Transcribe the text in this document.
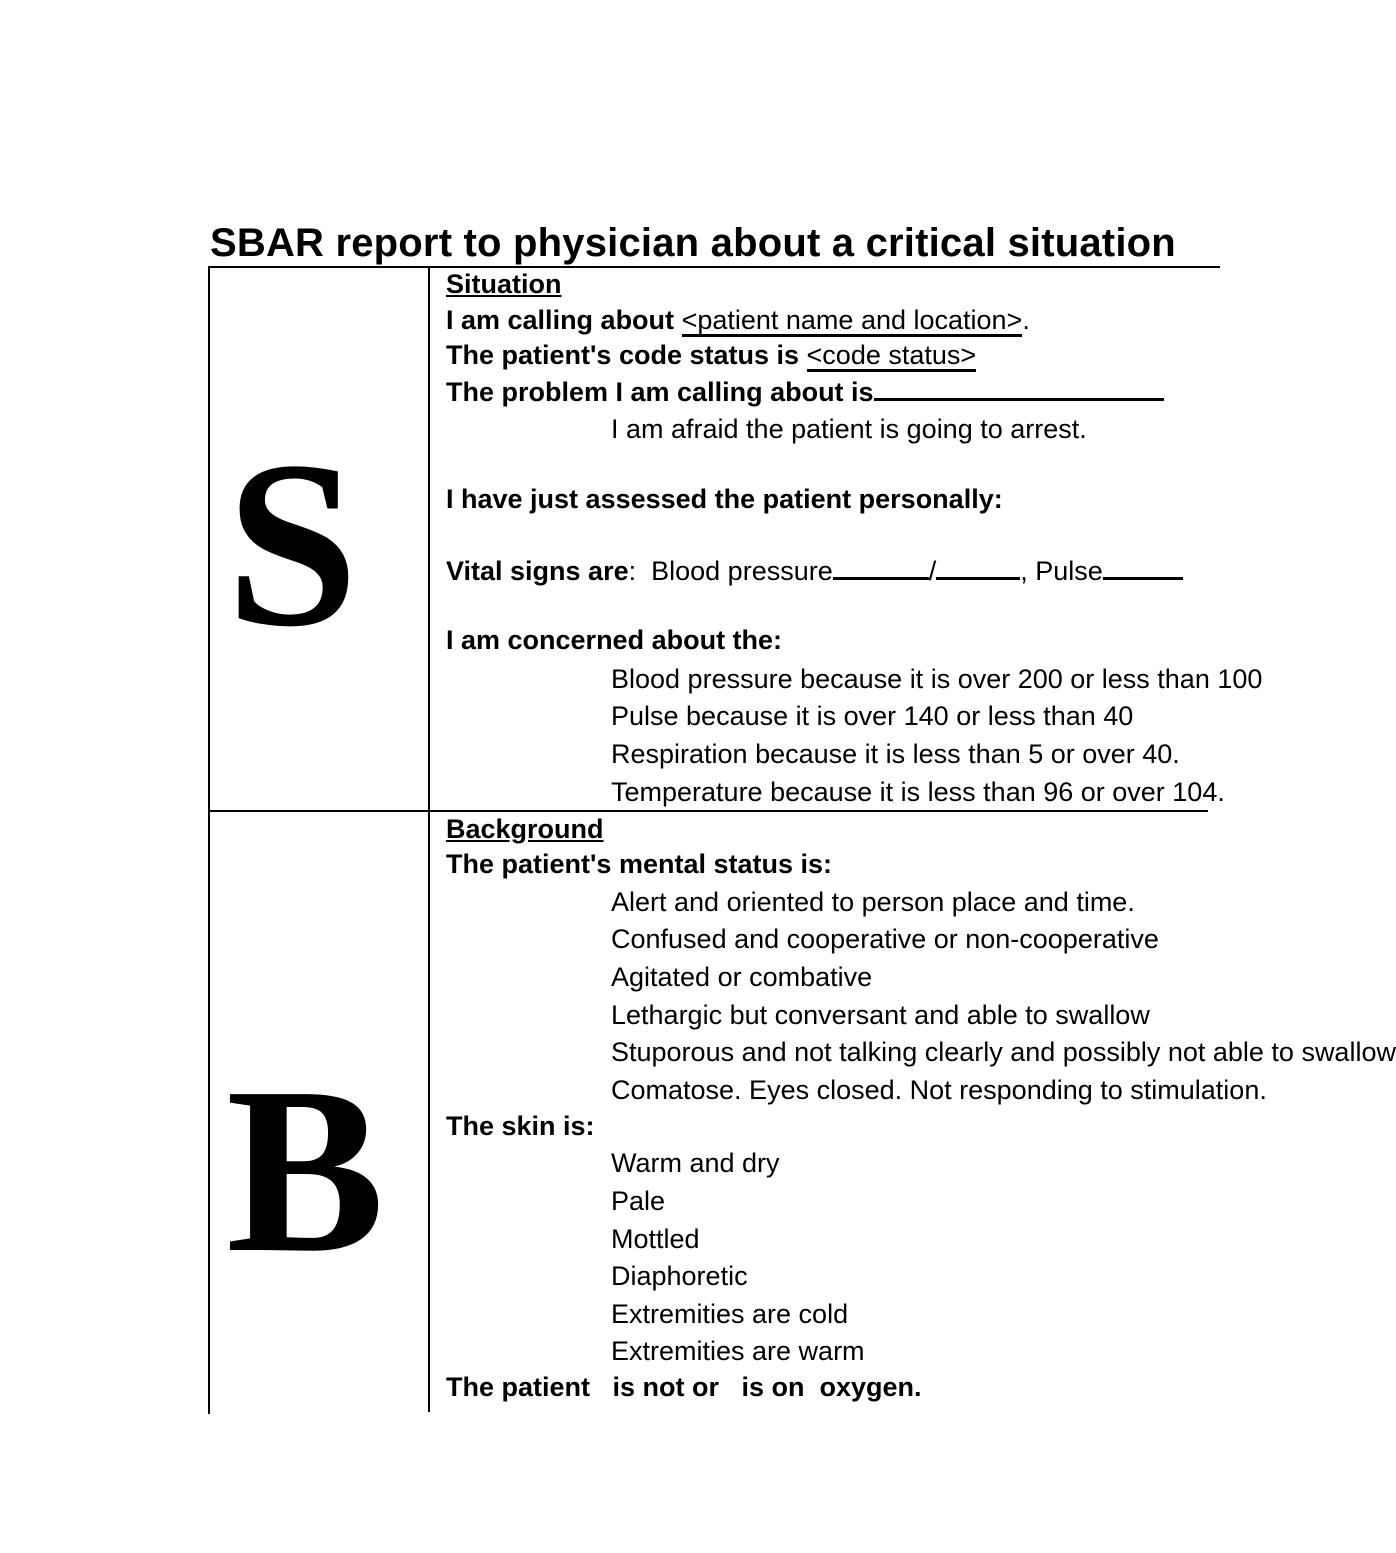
SBAR report to physician about a critical situation
S
B
Situation
I am calling about <patient name and location>.
The patient's code status is <code status>
The problem I am calling about is
I am afraid the patient is going to arrest.
I have just assessed the patient personally:
Vital signs are: Blood pressure	/	, Pulse
I am concerned about the:
Blood pressure because it is over 200 or less than 100
Pulse because it is over 140 or less than 40
Respiration because it is less than 5 or over 40.
Temperature because it is less than 96 or over 104.
Background
The patient's mental status is:
Alert and oriented to person place and time.
Confused and cooperative or non-cooperative
Agitated or combative
Lethargic but conversant and able to swallow
Stuporous and not talking clearly and possibly not able to swallow
Comatose. Eyes closed. Not responding to stimulation.
The skin is:
Warm and dry
Pale
Mottled
Diaphoretic
Extremities are cold
Extremities are warm
The patient   is not or   is on  oxygen.
